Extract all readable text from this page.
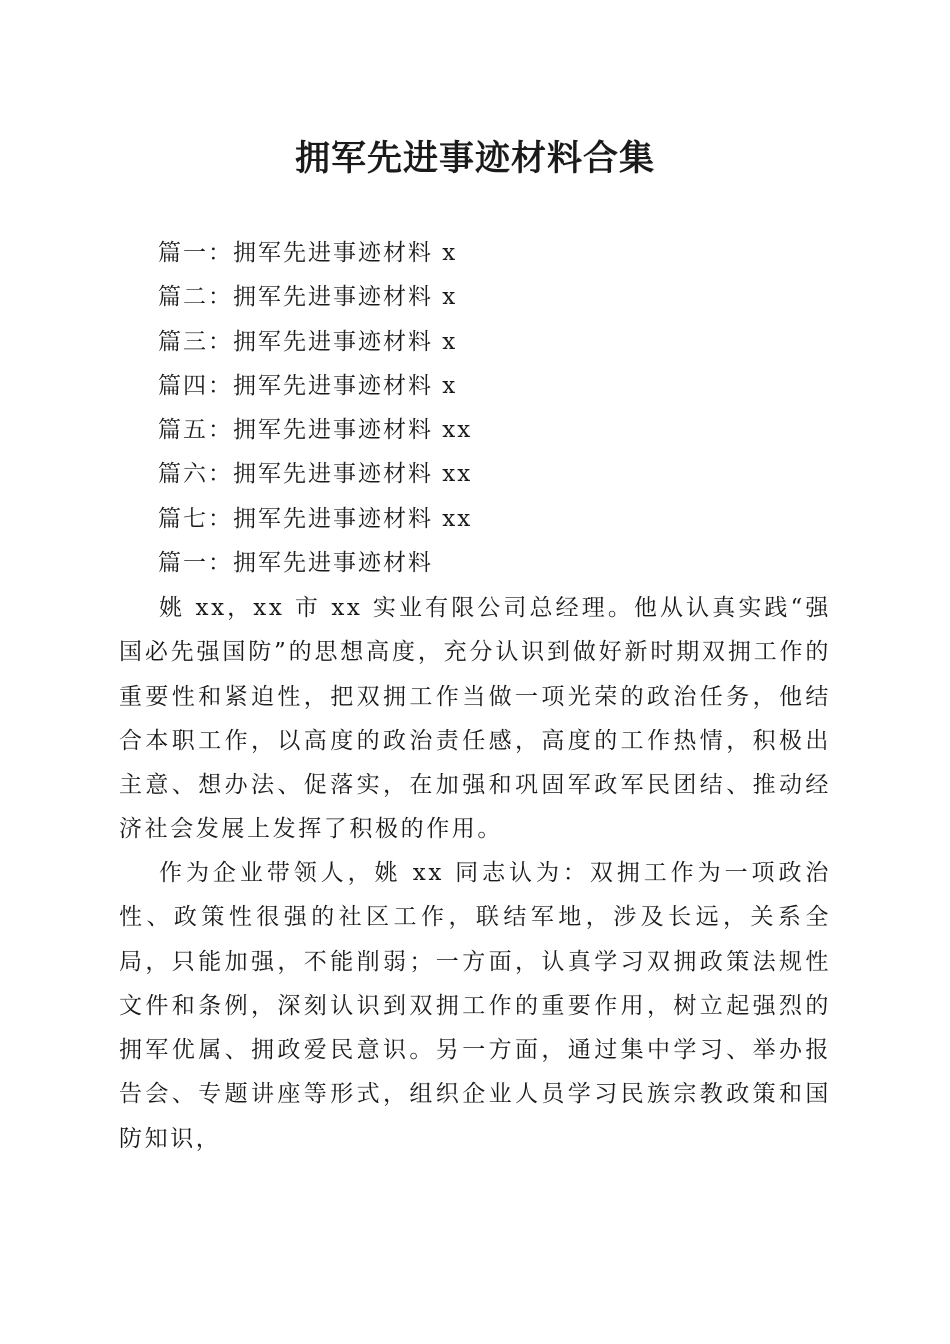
拥军先进事迹材料合集
篇一：拥军先进事迹材料 x
篇二：拥军先进事迹材料 x
篇三：拥军先进事迹材料 x
篇四：拥军先进事迹材料 x
篇五：拥军先进事迹材料 xx
篇六：拥军先进事迹材料 xx
篇七：拥军先进事迹材料 xx
篇一：拥军先进事迹材料

姚 xx，xx 市 xx 实业有限公司总经理。他从认真实践“强国必先强国防”的思想高度，充分认识到做好新时期双拥工作的重要性和紧迫性，把双拥工作当做一项光荣的政治任务，他结合本职工作，以高度的政治责任感，高度的工作热情，积极出主意、想办法、促落实，在加强和巩固军政军民团结、推动经济社会发展上发挥了积极的作用。

作为企业带领人，姚 xx 同志认为：双拥工作为一项政治性、政策性很强的社区工作，联结军地，涉及长远，关系全局，只能加强，不能削弱；一方面，认真学习双拥政策法规性文件和条例，深刻认识到双拥工作的重要作用，树立起强烈的拥军优属、拥政爱民意识。另一方面，通过集中学习、举办报告会、专题讲座等形式，组织企业人员学习民族宗教政策和国防知识，
